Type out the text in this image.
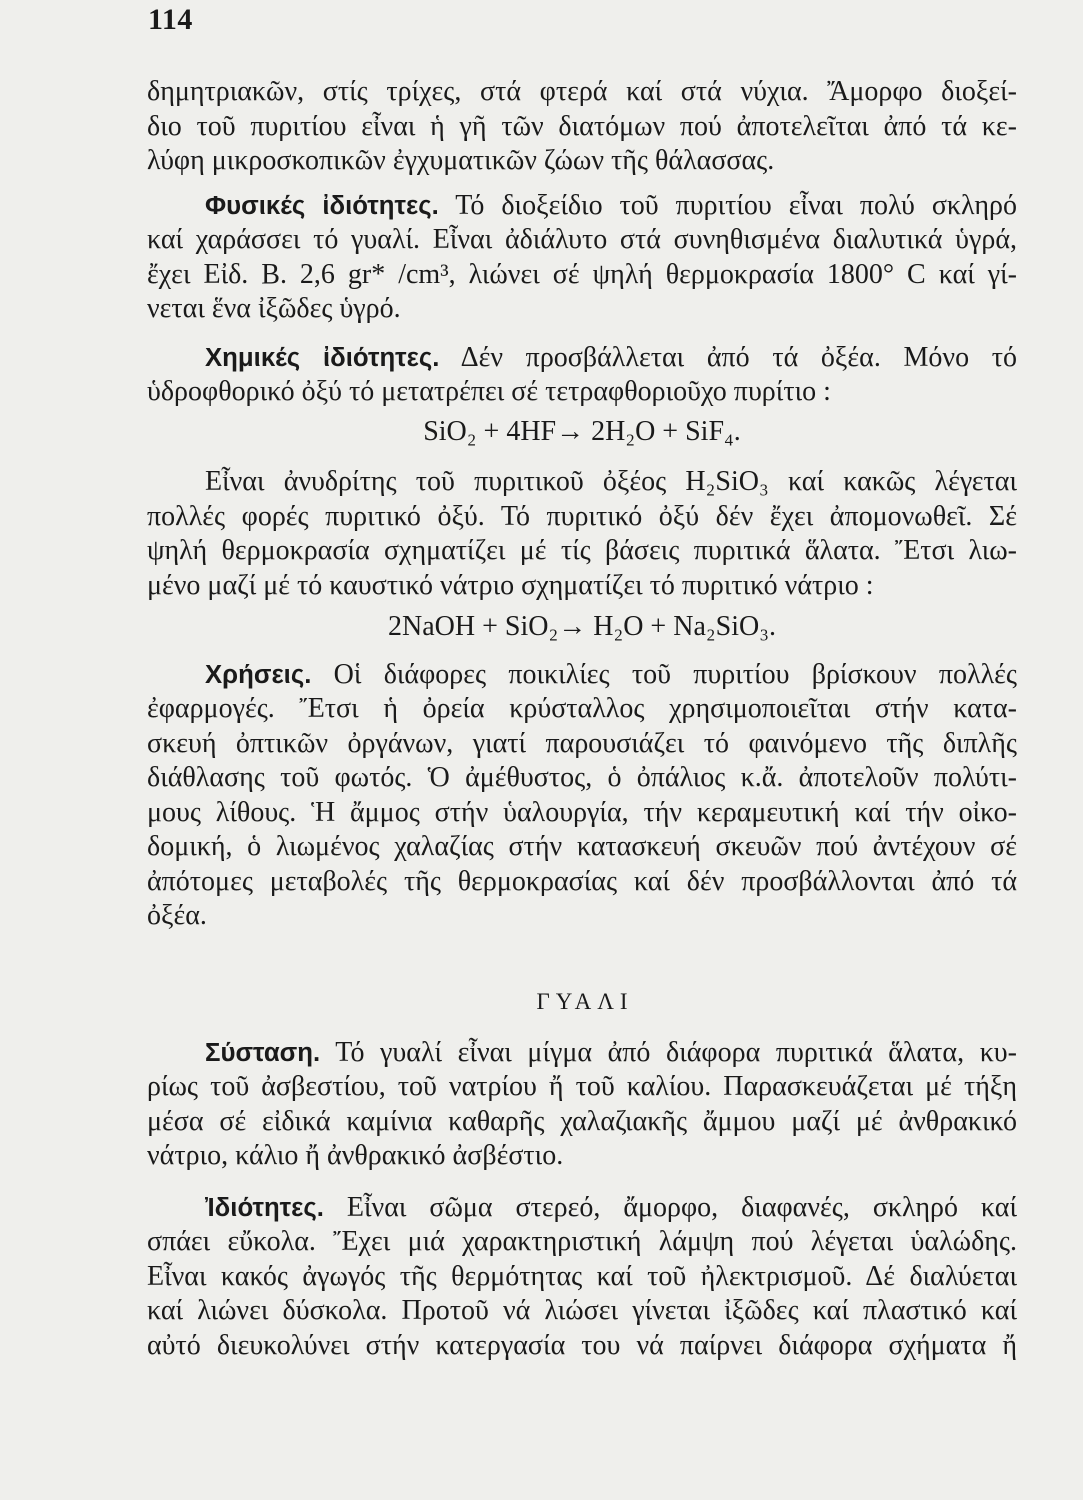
114
δημητριακῶν, στίς τρίχες, στά φτερά καί στά νύχια. Ἄμορφο διοξεί-
διο τοῦ πυριτίου εἶναι ἡ γῆ τῶν διατόμων πού ἀποτελεῖται ἀπό τά κε-
λύφη μικροσκοπικῶν ἐγχυματικῶν ζώων τῆς θάλασσας.
Φυσικές ἰδιότητες. Τό διοξείδιο τοῦ πυριτίου εἶναι πολύ σκληρό
καί χαράσσει τό γυαλί. Εἶναι ἀδιάλυτο στά συνηθισμένα διαλυτικά ὑγρά,
ἔχει Εἰδ. Β. 2,6 gr* /cm³, λιώνει σέ ψηλή θερμοκρασία 1800° C καί γί-
νεται ἕνα ἰξῶδες ὑγρό.
Χημικές ἰδιότητες. Δέν προσβάλλεται ἀπό τά ὀξέα. Μόνο τό
ὑδροφθορικό ὀξύ τό μετατρέπει σέ τετραφθοριοῦχο πυρίτιο :
SiO₂ + 4HF→ 2H₂O + SiF₄.
Εἶναι ἀνυδρίτης τοῦ πυριτικοῦ ὀξέος H₂SiO₃ καί κακῶς λέγεται
πολλές φορές πυριτικό ὀξύ. Τό πυριτικό ὀξύ δέν ἔχει ἀπομονωθεῖ. Σέ
ψηλή θερμοκρασία σχηματίζει μέ τίς βάσεις πυριτικά ἅλατα. Ἔτσι λιω-
μένο μαζί μέ τό καυστικό νάτριο σχηματίζει τό πυριτικό νάτριο :
2NaOH + SiO₂→ H₂O + Na₂SiO₃.
Χρήσεις. Οἱ διάφορες ποικιλίες τοῦ πυριτίου βρίσκουν πολλές
ἐφαρμογές. Ἔτσι ἡ ὀρεία κρύσταλλος χρησιμοποιεῖται στήν κατα-
σκευή ὀπτικῶν ὀργάνων, γιατί παρουσιάζει τό φαινόμενο τῆς διπλῆς
διάθλασης τοῦ φωτός. Ὁ ἀμέθυστος, ὁ ὀπάλιος κ.ἄ. ἀποτελοῦν πολύτι-
μους λίθους. Ἡ ἄμμος στήν ὑαλουργία, τήν κεραμευτική καί τήν οἰκο-
δομική, ὁ λιωμένος χαλαζίας στήν κατασκευή σκευῶν πού ἀντέχουν σέ
ἀπότομες μεταβολές τῆς θερμοκρασίας καί δέν προσβάλλονται ἀπό τά
ὀξέα.
ΓΥΑΛΙ
Σύσταση. Τό γυαλί εἶναι μίγμα ἀπό διάφορα πυριτικά ἅλατα, κυ-
ρίως τοῦ ἀσβεστίου, τοῦ νατρίου ἤ τοῦ καλίου. Παρασκευάζεται μέ τήξη
μέσα σέ εἰδικά καμίνια καθαρῆς χαλαζιακῆς ἄμμου μαζί μέ ἀνθρακικό
νάτριο, κάλιο ἤ ἀνθρακικό ἀσβέστιο.
Ἰδιότητες. Εἶναι σῶμα στερεό, ἄμορφο, διαφανές, σκληρό καί
σπάει εὔκολα. Ἔχει μιά χαρακτηριστική λάμψη πού λέγεται ὑαλώδης.
Εἶναι κακός ἀγωγός τῆς θερμότητας καί τοῦ ἠλεκτρισμοῦ. Δέ διαλύεται
καί λιώνει δύσκολα. Προτοῦ νά λιώσει γίνεται ἰξῶδες καί πλαστικό καί
αὐτό διευκολύνει στήν κατεργασία του νά παίρνει διάφορα σχήματα ἤ
